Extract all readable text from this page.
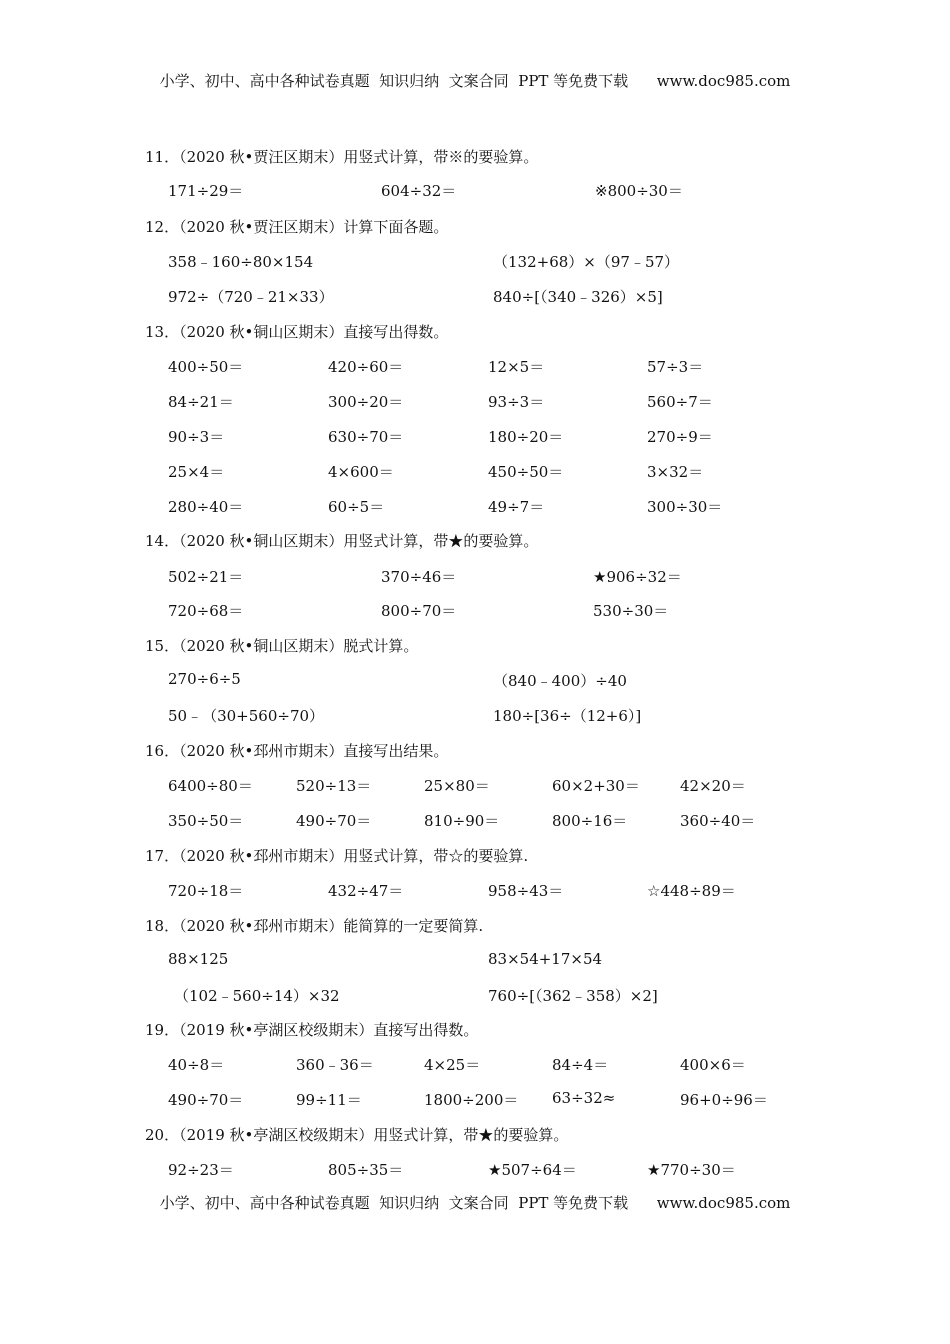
小学、初中、高中各种试卷真题  知识归纳  文案合同  PPT 等免费下载      www.doc985.com
11．（2020 秋•贾汪区期末）用竖式计算，带※的要验算。
171÷29＝	604÷32＝	※800÷30＝
12．（2020 秋•贾汪区期末）计算下面各题。
358﹣160÷80×154	（132+68）×（97﹣57）
972÷（720﹣21×33）	840÷[（340﹣326）×5]
13．（2020 秋•铜山区期末）直接写出得数。
400÷50＝	420÷60＝	12×5＝	57÷3＝
84÷21＝	300÷20＝	93÷3＝	560÷7＝
90÷3＝	630÷70＝	180÷20＝	270÷9＝
25×4＝	4×600＝	450÷50＝	3×32＝
280÷40＝	60÷5＝	49÷7＝	300÷30＝
14．（2020 秋•铜山区期末）用竖式计算，带★的要验算。
502÷21＝	370÷46＝	★906÷32＝
720÷68＝	800÷70＝	530÷30＝
15．（2020 秋•铜山区期末）脱式计算。
270÷6÷5	（840﹣400）÷40
50﹣（30+560÷70）	180÷[36÷（12+6）]
16．（2020 秋•邳州市期末）直接写出结果。
6400÷80＝	520÷13＝	25×80＝	60×2+30＝	42×20＝
350÷50＝	490÷70＝	810÷90＝	800÷16＝	360÷40＝
17．（2020 秋•邳州市期末）用竖式计算，带☆的要验算.
720÷18＝	432÷47＝	958÷43＝	☆448÷89＝
18．（2020 秋•邳州市期末）能简算的一定要简算.
88×125	83×54+17×54
（102﹣560÷14）×32	760÷[（362﹣358）×2]
19．（2019 秋•亭湖区校级期末）直接写出得数。
40÷8＝	360﹣36＝	4×25＝	84÷4＝	400×6＝
490÷70＝	99÷11＝	1800÷200＝ 63÷32≈	96+0÷96＝
20．（2019 秋•亭湖区校级期末）用竖式计算，带★的要验算。
92÷23＝	805÷35＝	★507÷64＝	★770÷30＝
小学、初中、高中各种试卷真题  知识归纳  文案合同  PPT 等免费下载      www.doc985.com
